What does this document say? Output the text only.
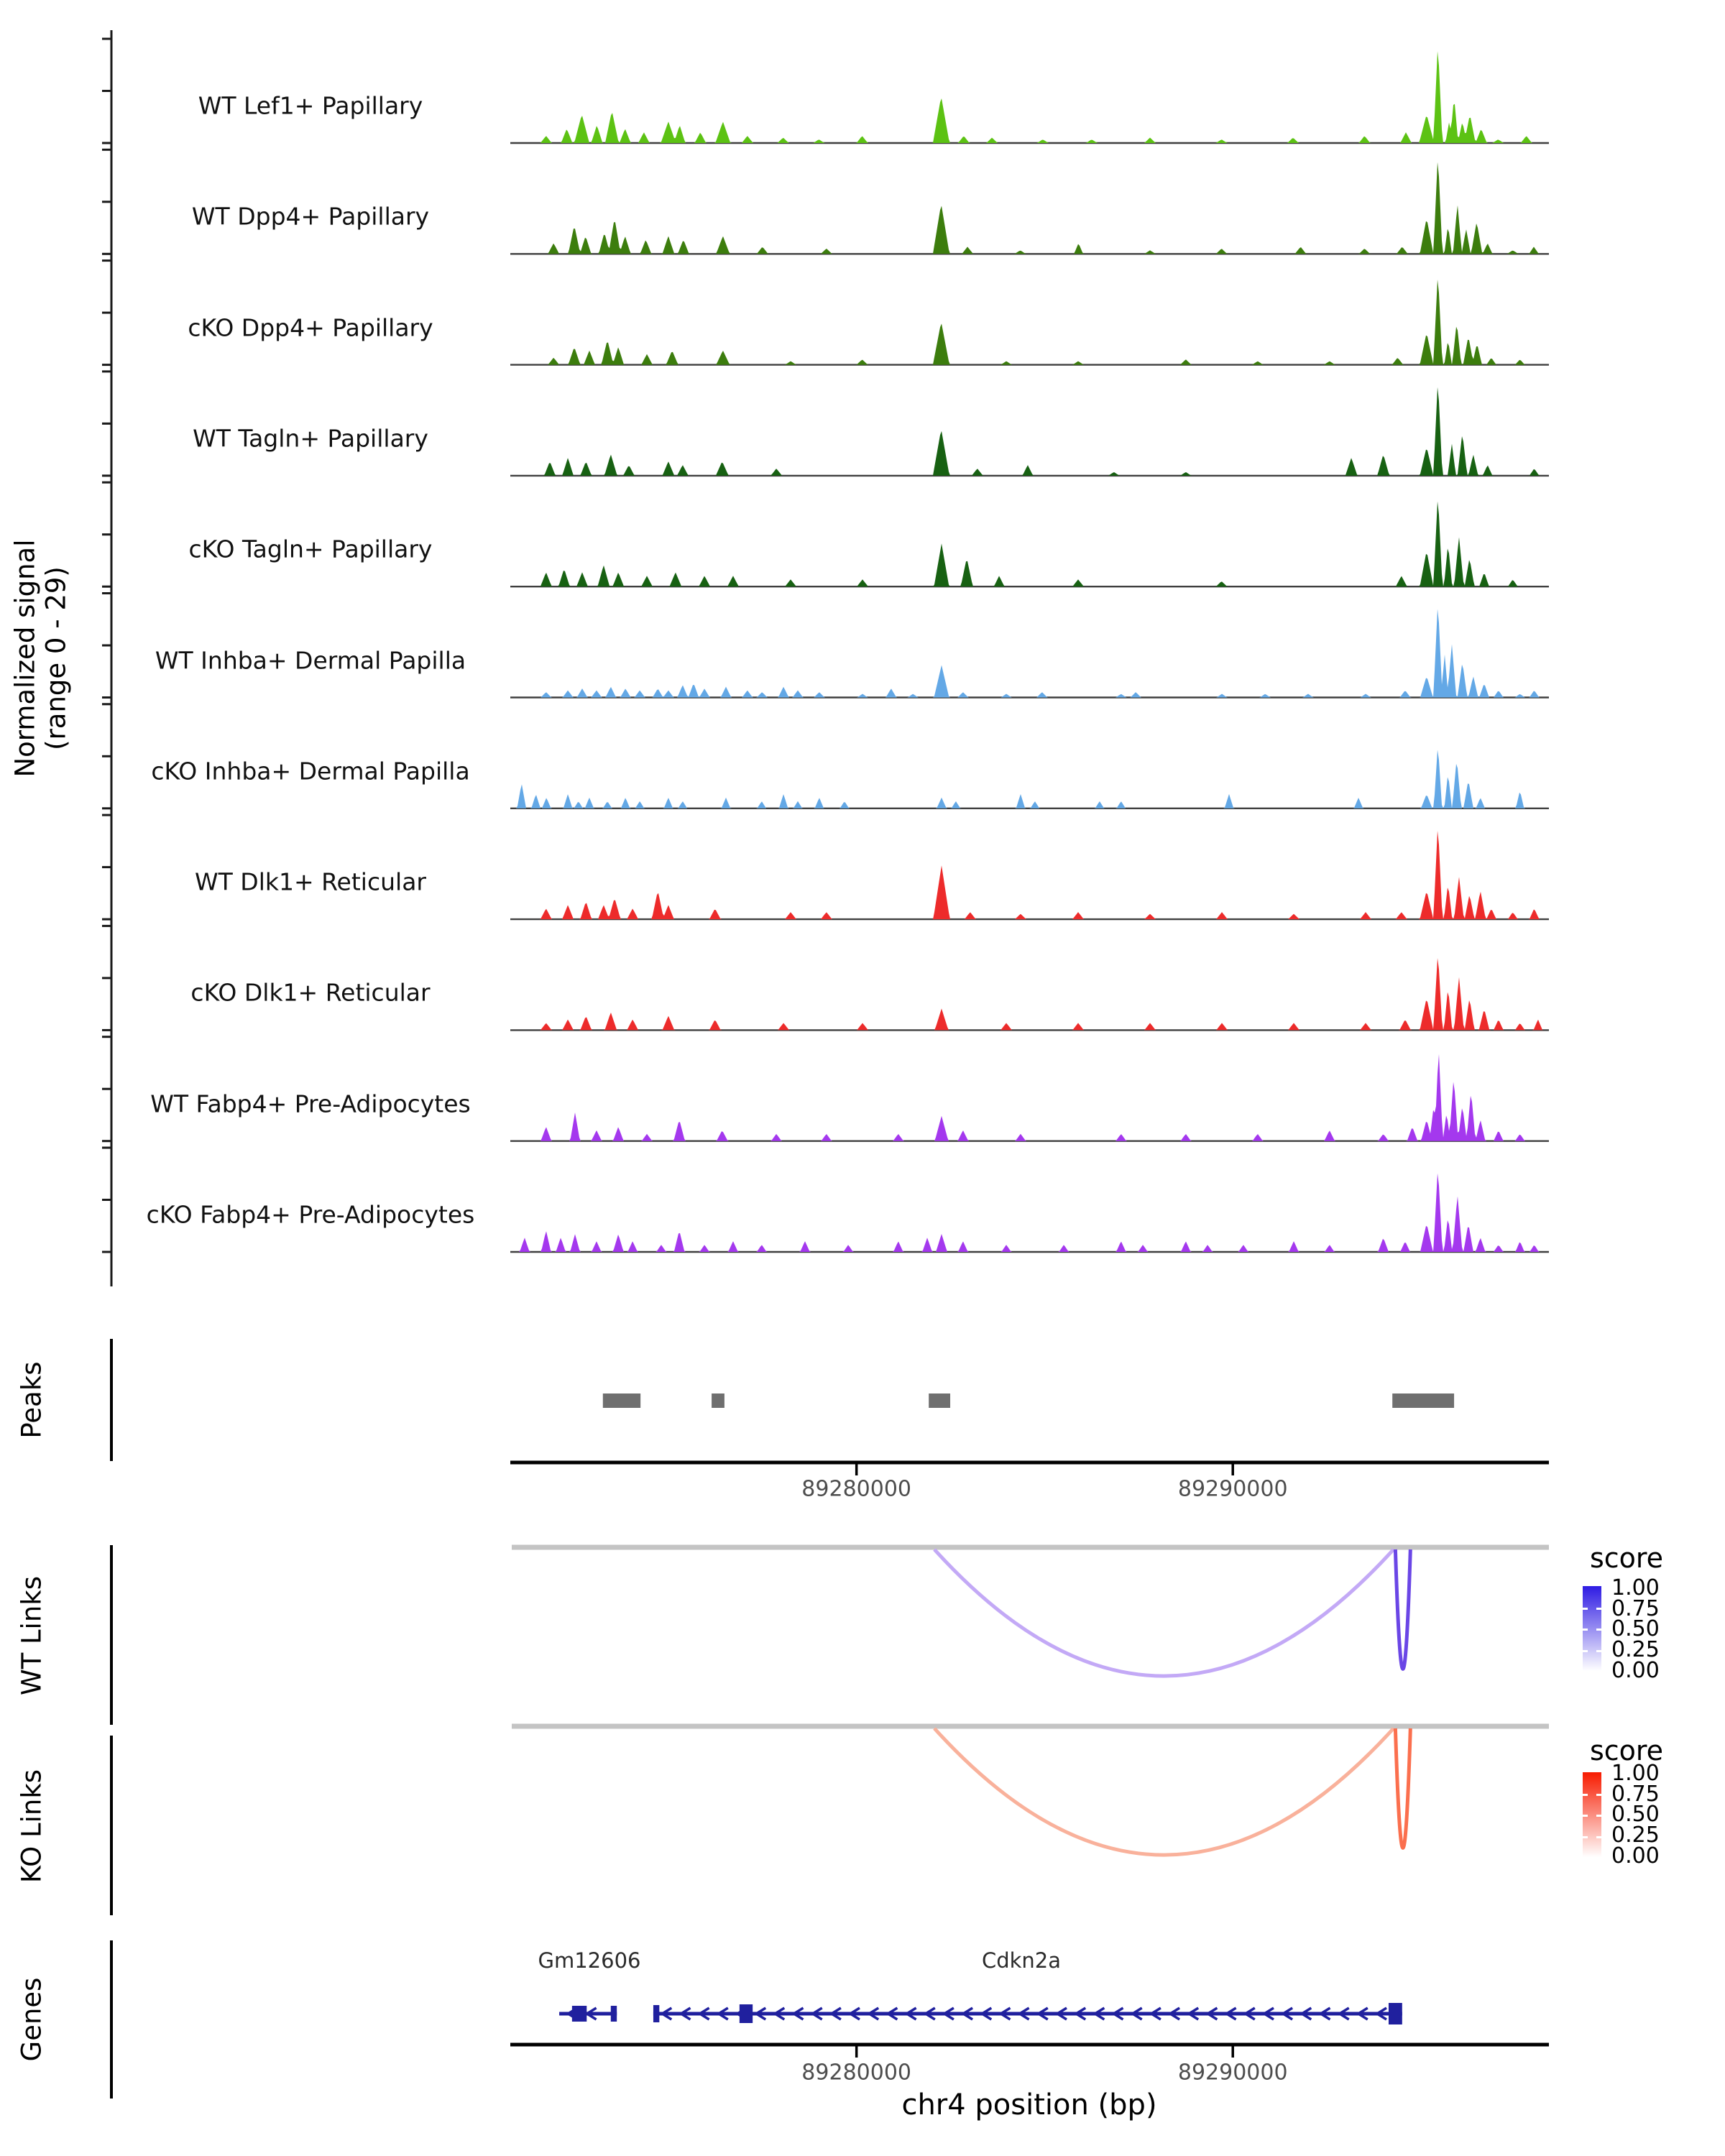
Normalized signal
(range 0 - 29)
Peaks
WT Links
KO Links
Genes
score
score
chr4 position (bp)
WT Lef1+ Papillary
WT Dpp4+ Papillary
cKO Dpp4+ Papillary
WT Tagln+ Papillary
cKO Tagln+ Papillary
WT Inhba+ Dermal Papilla
cKO Inhba+ Dermal Papilla
WT Dlk1+ Reticular
cKO Dlk1+ Reticular
WT Fabp4+ Pre-Adipocytes
cKO Fabp4+ Pre-Adipocytes
89280000	89290000
1.00
0.75
0.50
0.25
0.00
1.00
0.75
0.50
0.25
0.00
Gm12606	Cdkn2a
89280000	89290000
